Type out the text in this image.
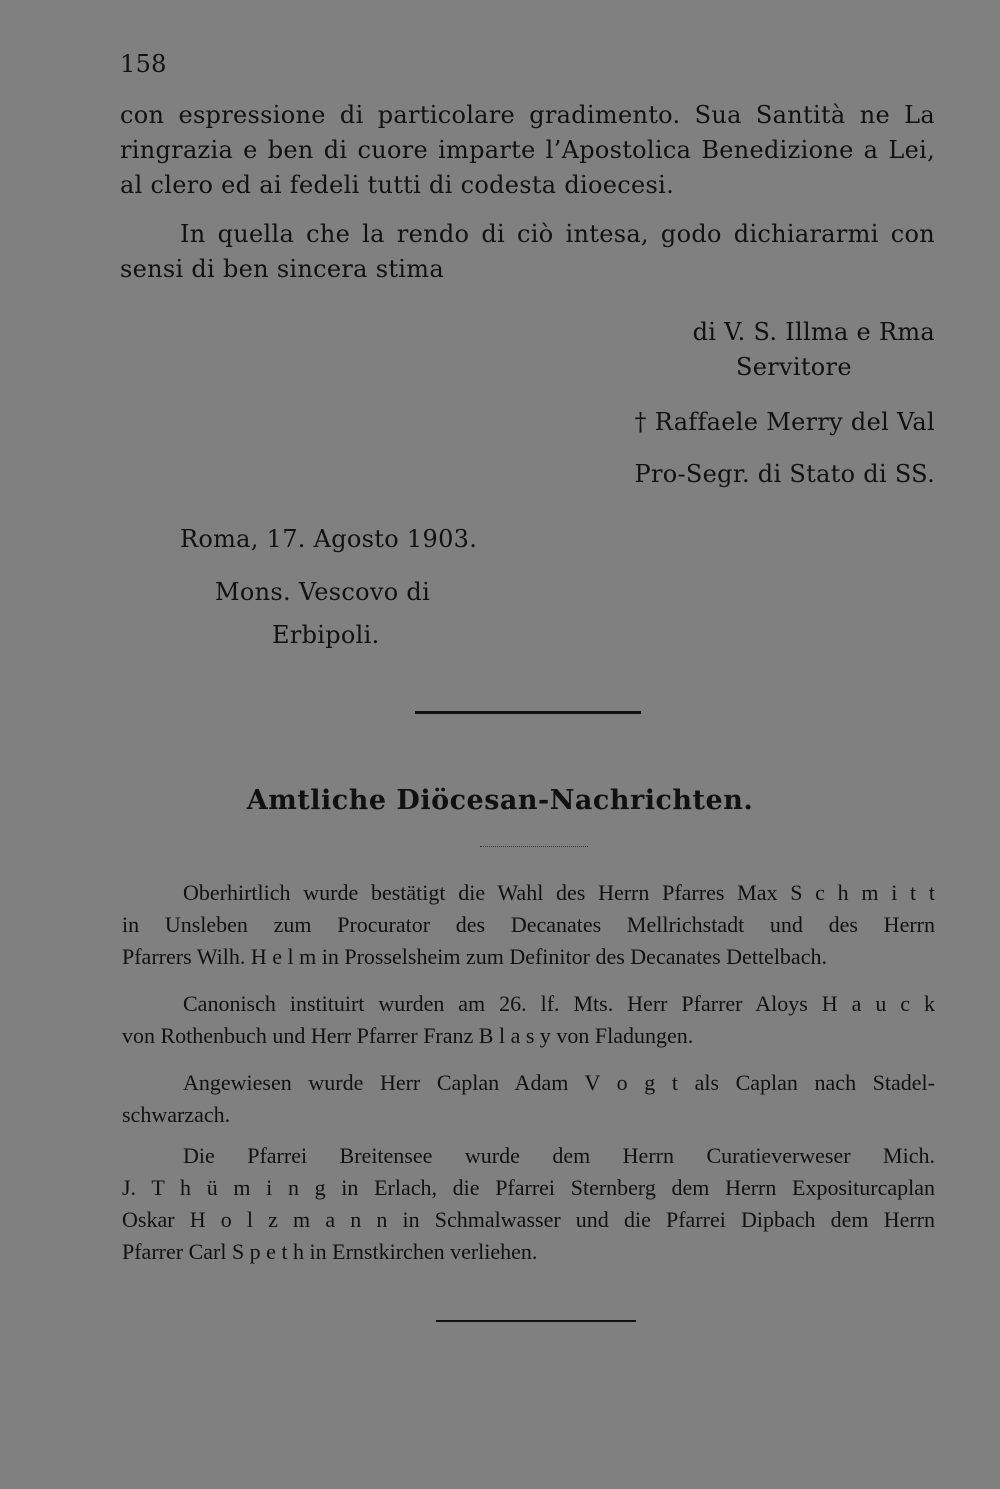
158
con espressione di particolare gradimento. Sua Santità ne La
ringrazia e ben di cuore imparte l’Apostolica Benedizione a Lei,
al clero ed ai fedeli tutti di codesta dioecesi.
In quella che la rendo di ciò intesa, godo dichiararmi con
sensi di ben sincera stima
di V. S. Illma e Rma
Servitore
† Raffaele Merry del Val
Pro-Segr. di Stato di SS.
Roma, 17. Agosto 1903.
Mons. Vescovo di
Erbipoli.
Amtliche Diöcesan-Nachrichten.
Oberhirtlich wurde bestätigt die Wahl des Herrn Pfarres Max S c h m i t t
in Unsleben zum Procurator des Decanates Mellrichstadt und des Herrn
Pfarrers Wilh. H e l m in Prosselsheim zum Definitor des Decanates Dettelbach.
Canonisch instituirt wurden am 26. lf. Mts. Herr Pfarrer Aloys H a u c k
von Rothenbuch und Herr Pfarrer Franz B l a s y von Fladungen.
Angewiesen wurde Herr Caplan Adam V o g t als Caplan nach Stadel-
schwarzach.
Die Pfarrei Breitensee wurde dem Herrn Curatieverweser Mich.
J. T h ü m i n g in Erlach, die Pfarrei Sternberg dem Herrn Expositurcaplan
Oskar H o l z m a n n in Schmalwasser und die Pfarrei Dipbach dem Herrn
Pfarrer Carl S p e t h in Ernstkirchen verliehen.
